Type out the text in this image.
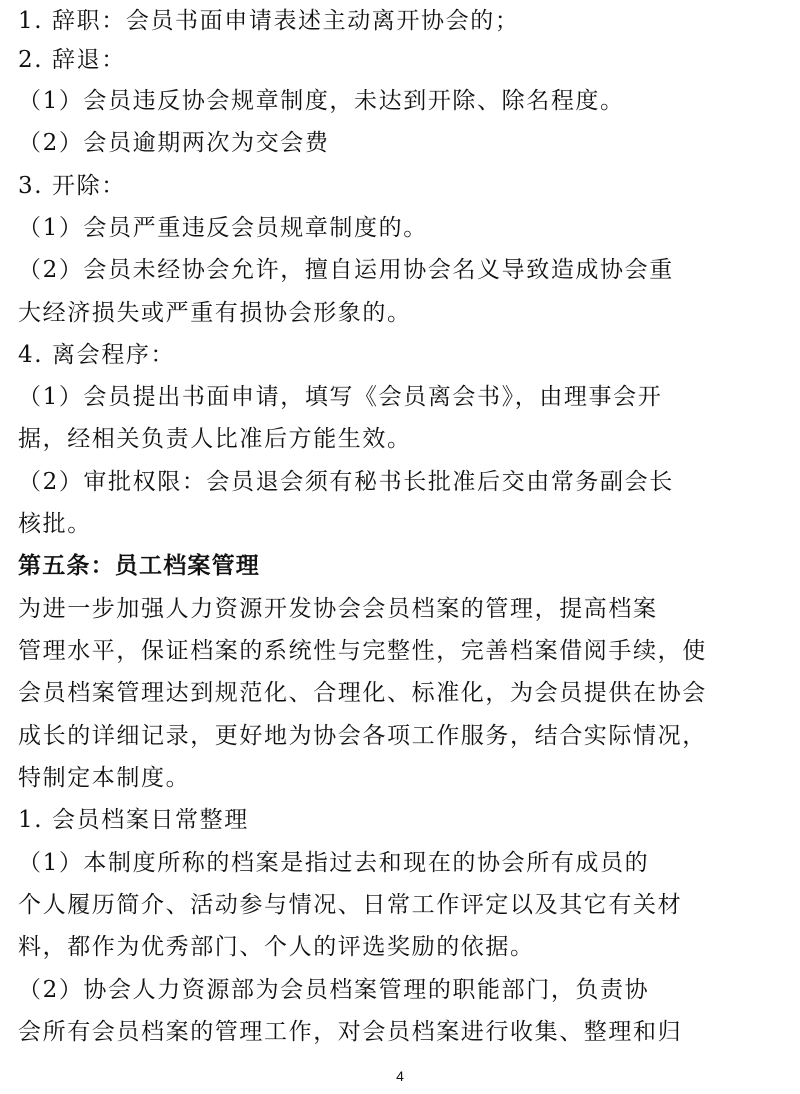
1. 辞职：会员书面申请表述主动离开协会的；
2. 辞退：
（1）会员违反协会规章制度，未达到开除、除名程度。
（2）会员逾期两次为交会费
3. 开除：
（1）会员严重违反会员规章制度的。
（2）会员未经协会允许，擅自运用协会名义导致造成协会重
大经济损失或严重有损协会形象的。
4. 离会程序：
（1）会员提出书面申请，填写《会员离会书》，由理事会开
据，经相关负责人比准后方能生效。
（2）审批权限：会员退会须有秘书长批准后交由常务副会长
核批。
第五条：员工档案管理
为进一步加强人力资源开发协会会员档案的管理，提高档案
管理水平，保证档案的系统性与完整性，完善档案借阅手续，使
会员档案管理达到规范化、合理化、标准化，为会员提供在协会
成长的详细记录，更好地为协会各项工作服务，结合实际情况，
特制定本制度。
1. 会员档案日常整理
（1）本制度所称的档案是指过去和现在的协会所有成员的
个人履历简介、活动参与情况、日常工作评定以及其它有关材
料，都作为优秀部门、个人的评选奖励的依据。
（2）协会人力资源部为会员档案管理的职能部门，负责协
会所有会员档案的管理工作，对会员档案进行收集、整理和归
4
